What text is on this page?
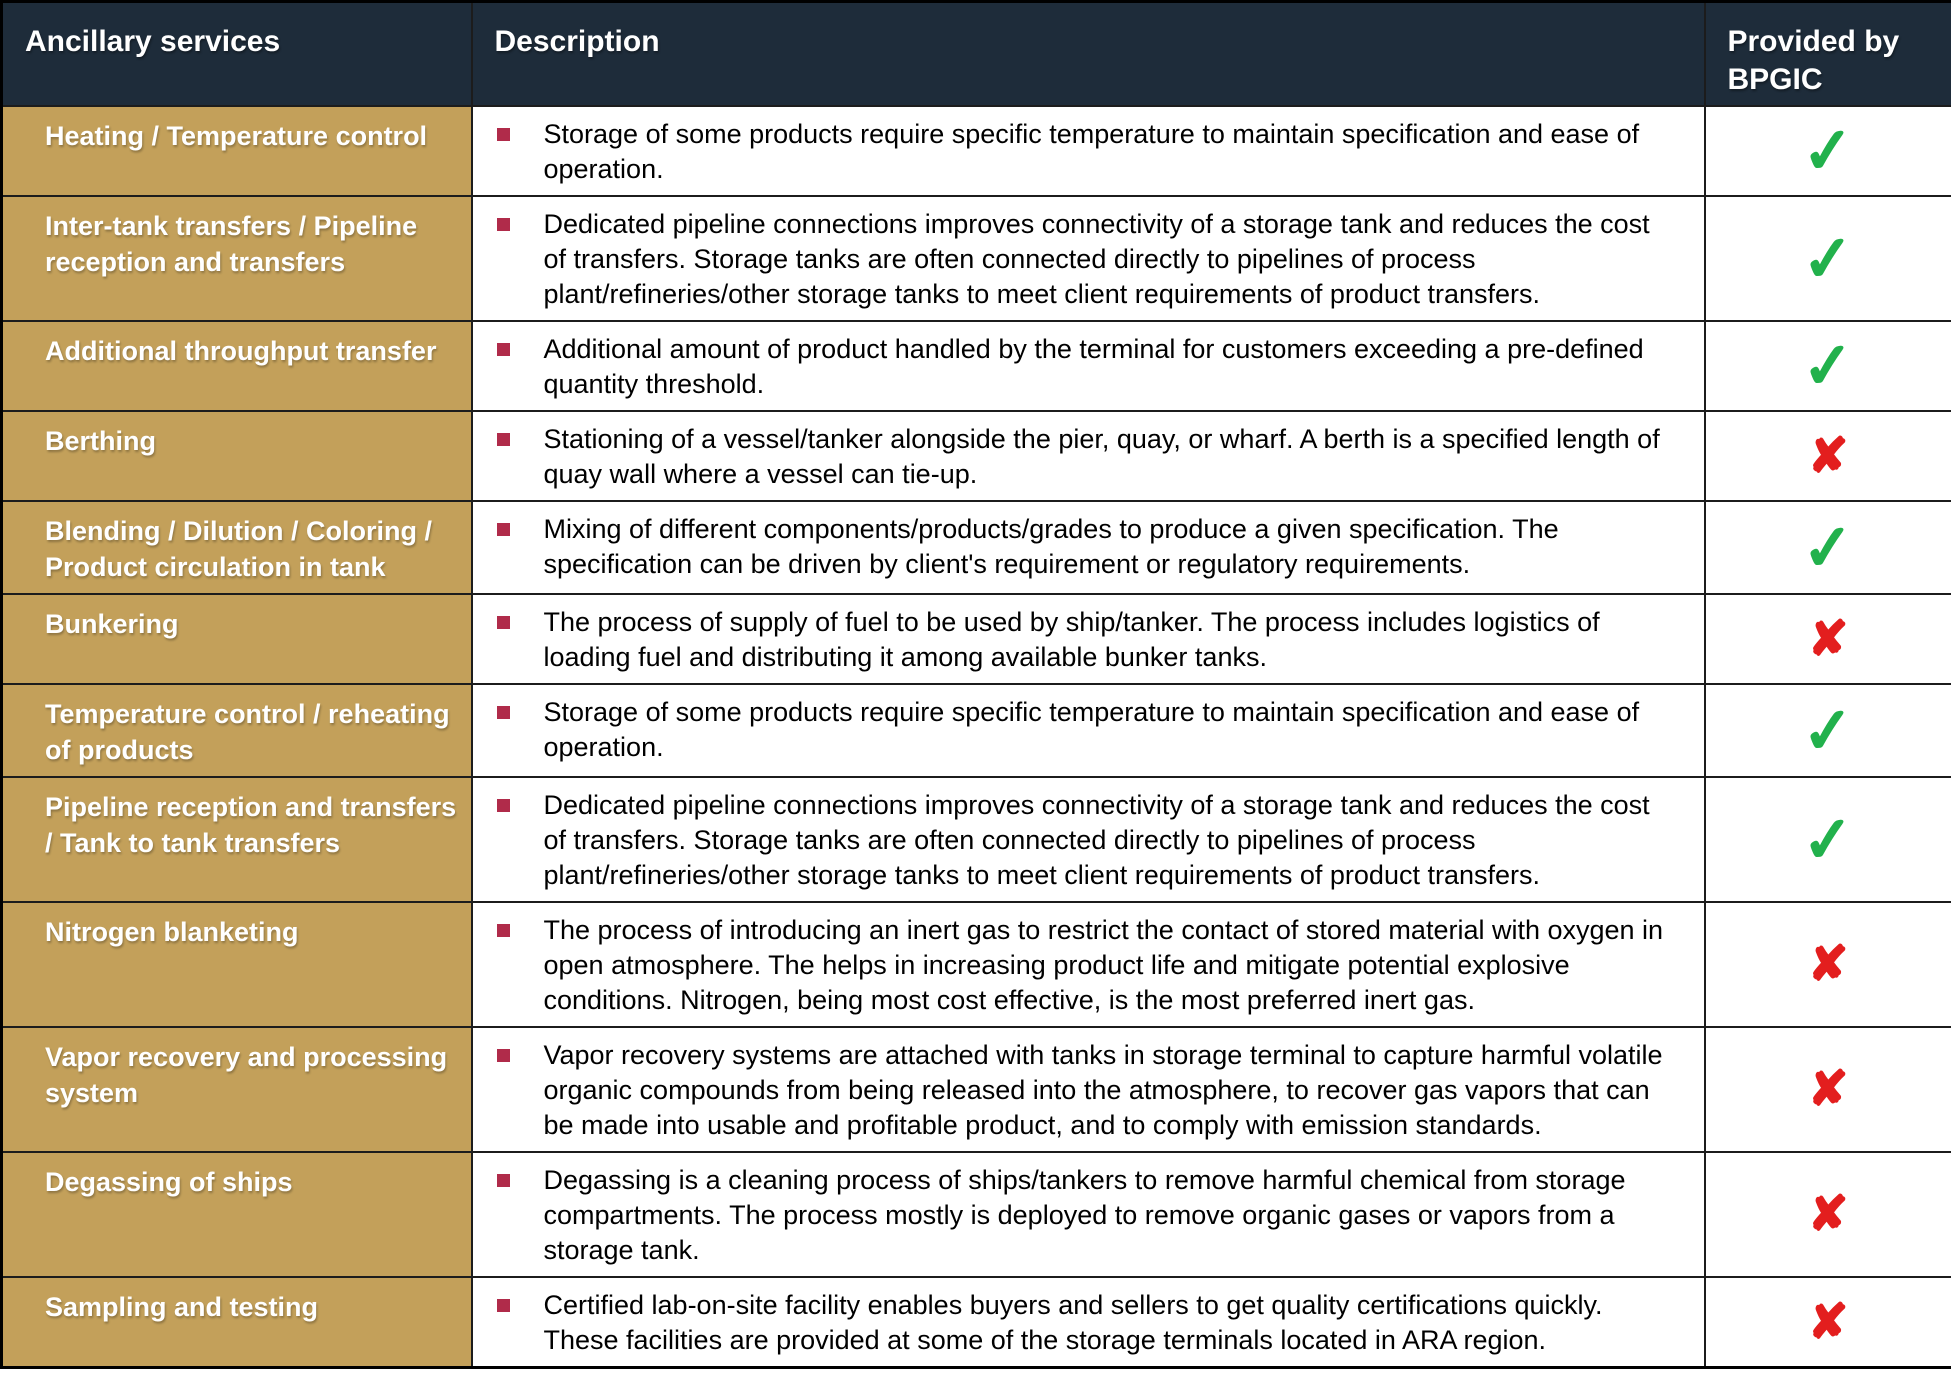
Ancillary services	Description	Provided by BPGIC
Heating / Temperature control	Storage of some products require specific temperature to maintain specification and ease of operation.	✓
Inter-tank transfers / Pipeline reception and transfers	Dedicated pipeline connections improves connectivity of a storage tank and reduces the cost of transfers. Storage tanks are often connected directly to pipelines of process plant/refineries/other storage tanks to meet client requirements of product transfers.	✓
Additional throughput transfer	Additional amount of product handled by the terminal for customers exceeding a pre-defined quantity threshold.	✓
Berthing	Stationing of a vessel/tanker alongside the pier, quay, or wharf. A berth is a specified length of quay wall where a vessel can tie-up.	✘
Blending / Dilution / Coloring / Product circulation in tank	Mixing of different components/products/grades to produce a given specification. The specification can be driven by client's requirement or regulatory requirements.	✓
Bunkering	The process of supply of fuel to be used by ship/tanker. The process includes logistics of loading fuel and distributing it among available bunker tanks.	✘
Temperature control / reheating of products	Storage of some products require specific temperature to maintain specification and ease of operation.	✓
Pipeline reception and transfers / Tank to tank transfers	Dedicated pipeline connections improves connectivity of a storage tank and reduces the cost of transfers. Storage tanks are often connected directly to pipelines of process plant/refineries/other storage tanks to meet client requirements of product transfers.	✓
Nitrogen blanketing	The process of introducing an inert gas to restrict the contact of stored material with oxygen in open atmosphere. The helps in increasing product life and mitigate potential explosive conditions. Nitrogen, being most cost effective, is the most preferred inert gas.	✘
Vapor recovery and processing system	Vapor recovery systems are attached with tanks in storage terminal to capture harmful volatile organic compounds from being released into the atmosphere, to recover gas vapors that can be made into usable and profitable product, and to comply with emission standards.	✘
Degassing of ships	Degassing is a cleaning process of ships/tankers to remove harmful chemical from storage compartments. The process mostly is deployed to remove organic gases or vapors from a storage tank.	✘
Sampling and testing	Certified lab-on-site facility enables buyers and sellers to get quality certifications quickly. These facilities are provided at some of the storage terminals located in ARA region.	✘
